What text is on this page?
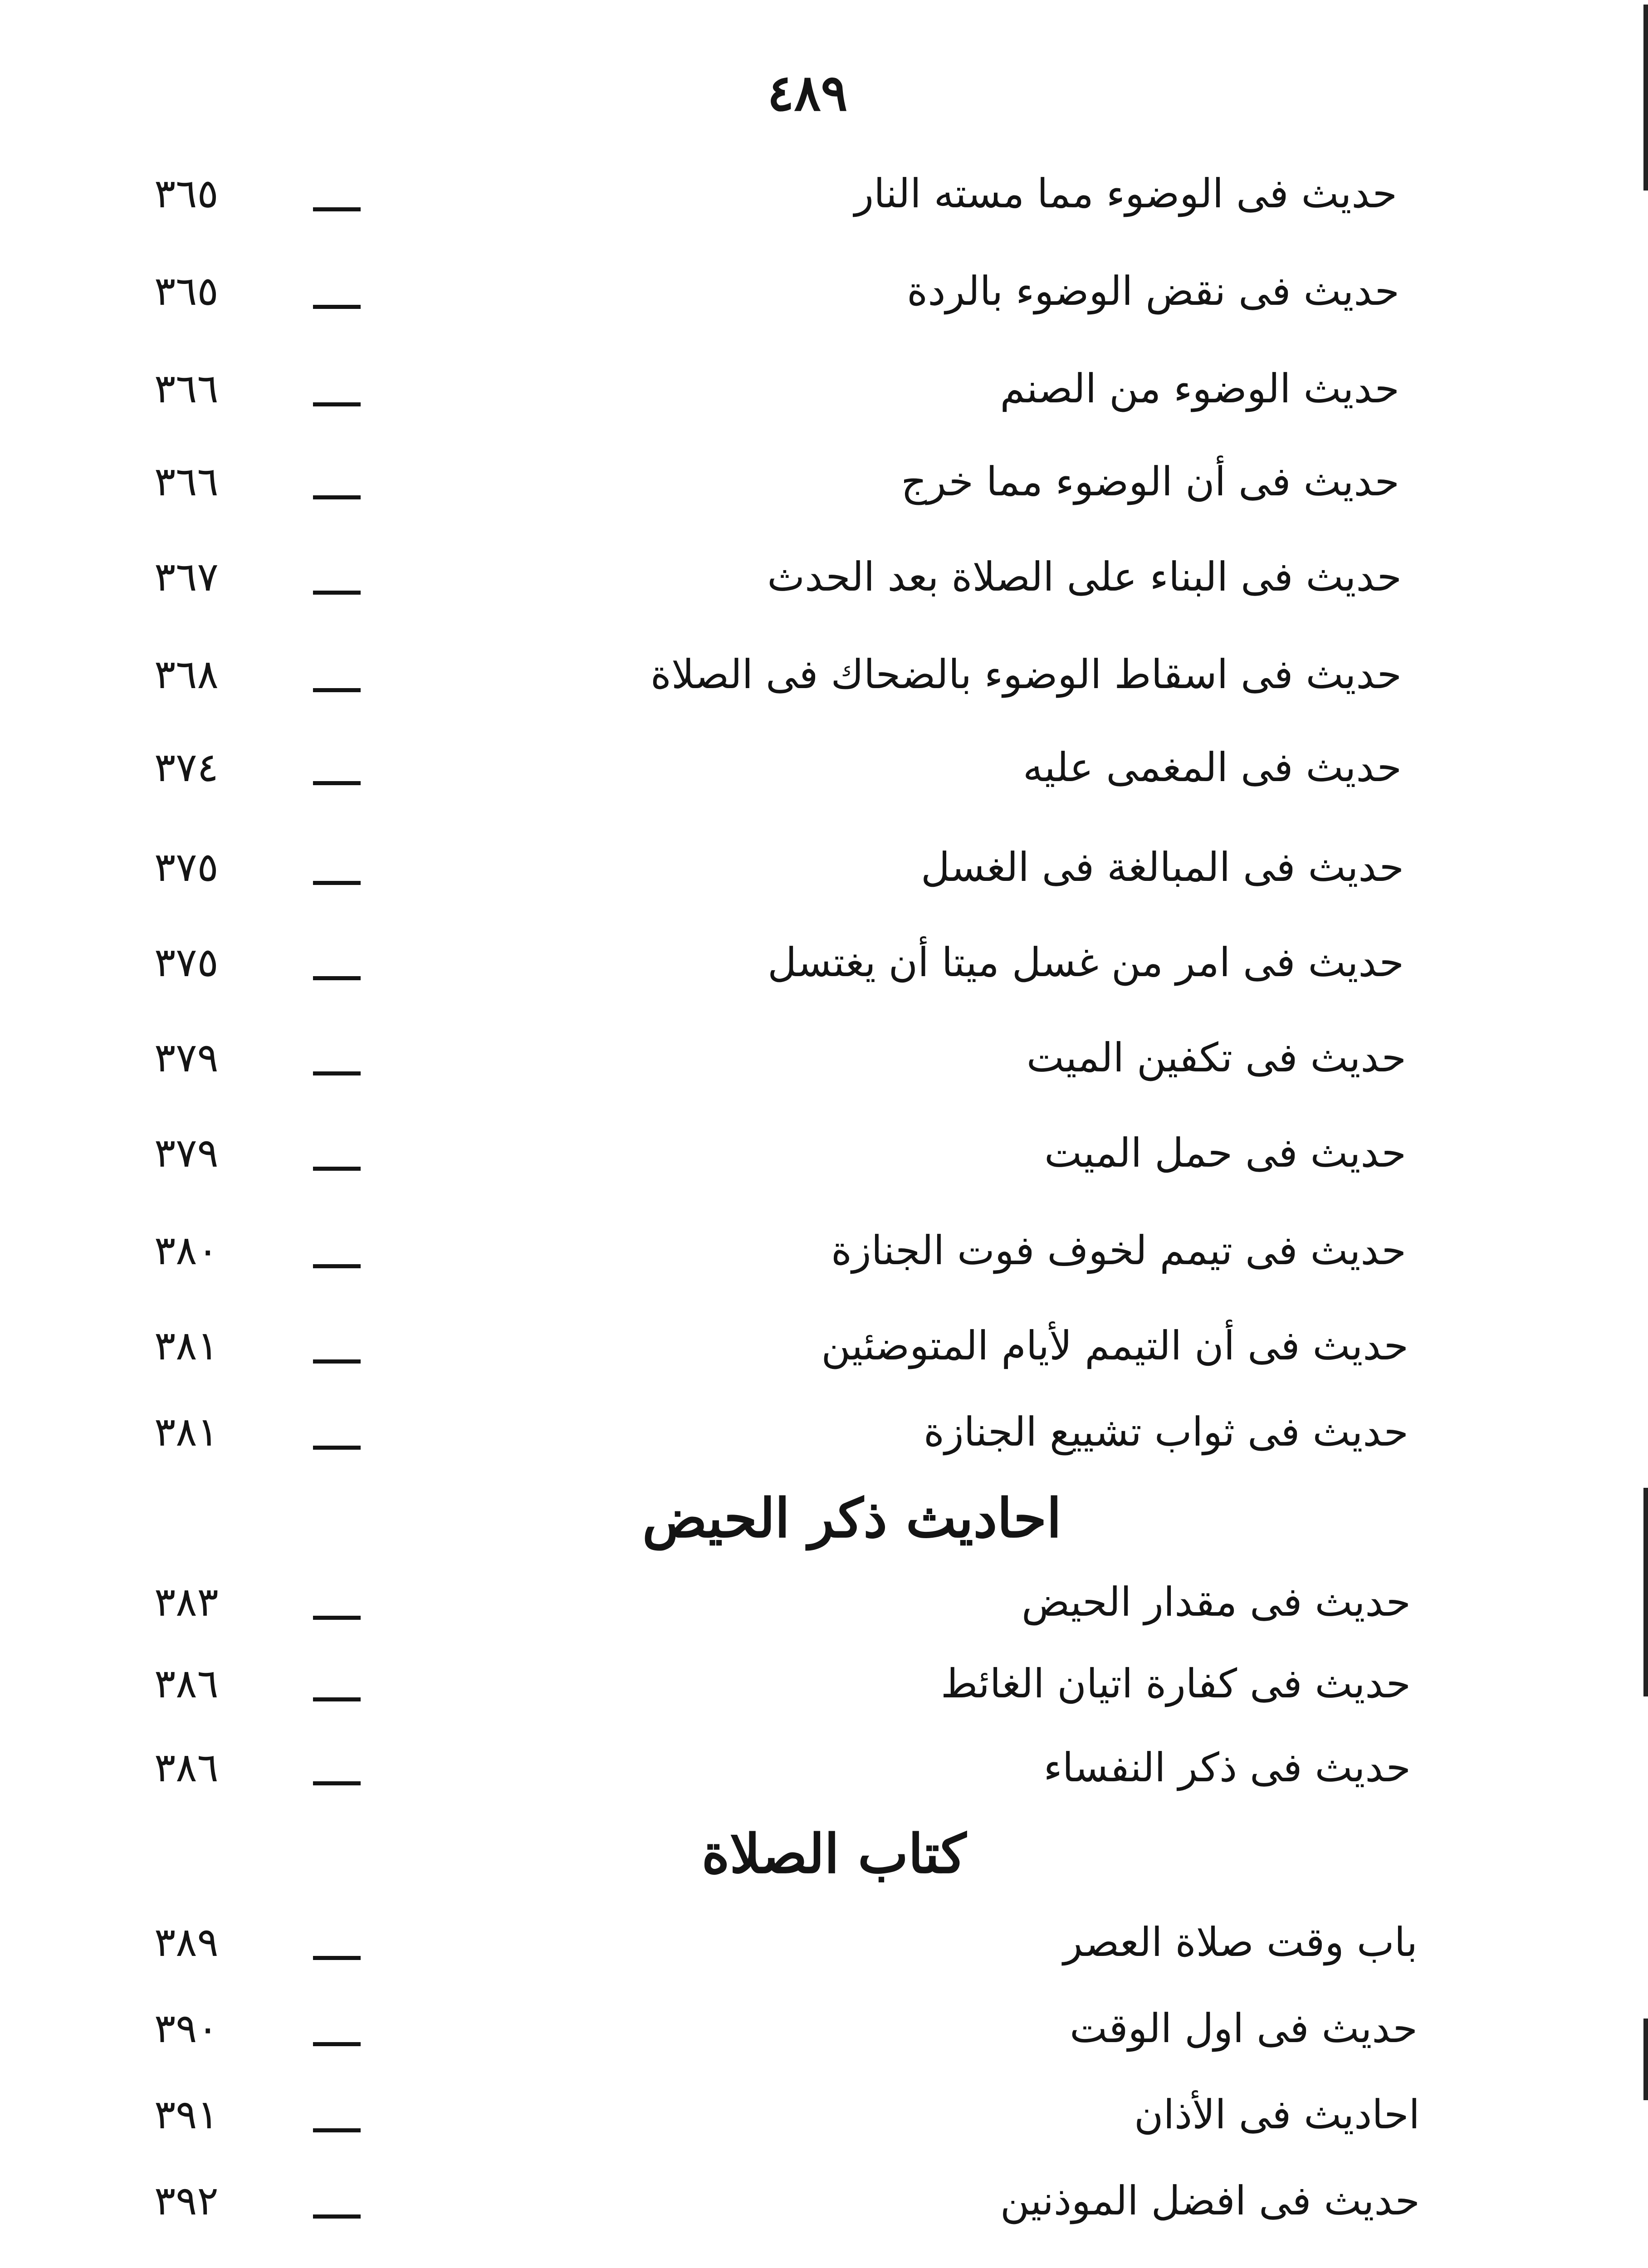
٤٨٩
حديث فى الوضوء مما مسته النار
٣٦٥
حديث فى نقض الوضوء بالردة
٣٦٥
حديث الوضوء من الصنم
٣٦٦
حديث فى أن الوضوء مما خرج
٣٦٦
حديث فى البناء على الصلاة بعد الحدث
٣٦٧
حديث فى اسقاط الوضوء بالضحاك فى الصلاة
٣٦٨
حديث فى المغمى عليه
٣٧٤
حديث فى المبالغة فى الغسل
٣٧٥
حديث فى امر من غسل ميتا أن يغتسل
٣٧٥
حديث فى تكفين الميت
٣٧٩
حديث فى حمل الميت
٣٧٩
حديث فى تيمم لخوف فوت الجنازة
٣٨٠
حديث فى أن التيمم لأيام المتوضئين
٣٨١
حديث فى ثواب تشييع الجنازة
٣٨١
احاديث ذكر الحيض
حديث فى مقدار الحيض
٣٨٣
حديث فى كفارة اتيان الغائط
٣٨٦
حديث فى ذكر النفساء
٣٨٦
كتاب الصلاة
باب وقت صلاة العصر
٣٨٩
حديث فى اول الوقت
٣٩٠
احاديث فى الأذان
٣٩١
حديث فى افضل الموذنين
٣٩٢
